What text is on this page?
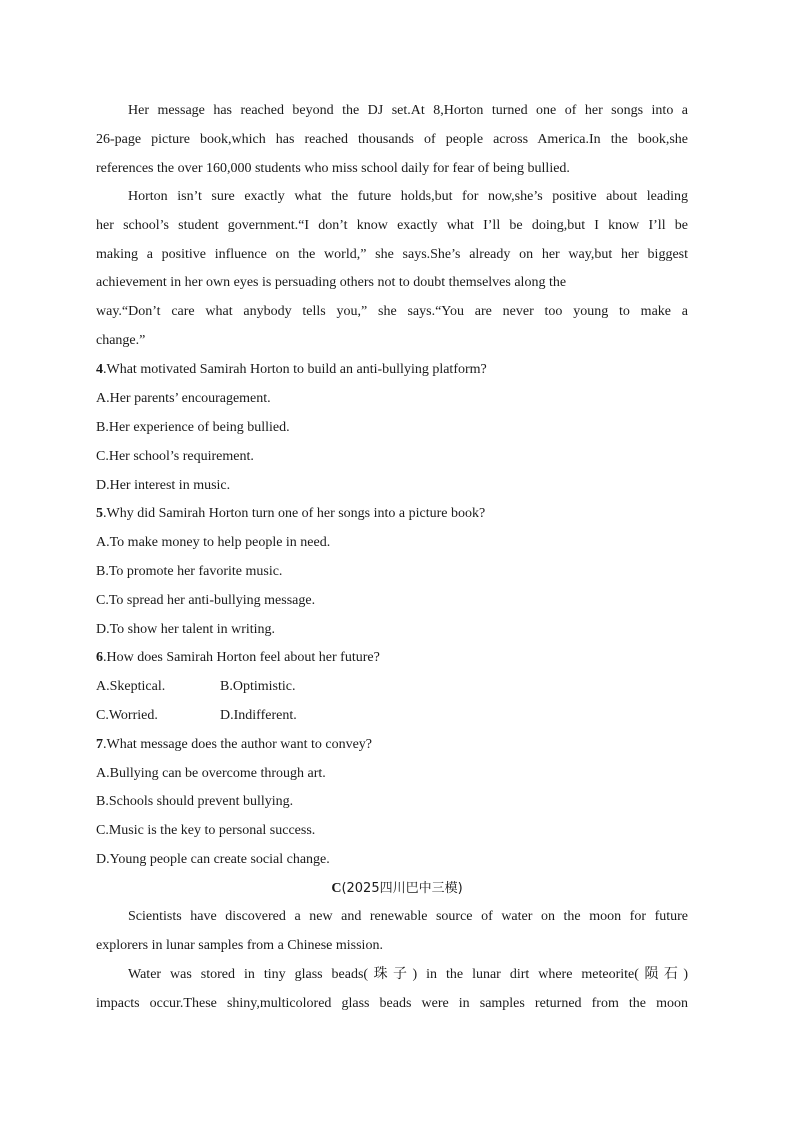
Her message has reached beyond the DJ set.At 8,Horton turned one of her songs into a
26-page picture book,which has reached thousands of people across America.In the book,she
references the over 160,000 students who miss school daily for fear of being bullied.
Horton isn’t sure exactly what the future holds,but for now,she’s positive about leading
her school’s student government.“I don’t know exactly what I’ll be doing,but I know I’ll be
making a positive influence on the world,” she says.She’s already on her way,but her biggest
achievement in her own eyes is persuading others not to doubt themselves along the
way.“Don’t care what anybody tells you,” she says.“You are never too young to make a
change.”
4.What motivated Samirah Horton to build an anti-bullying platform?
A.Her parents’ encouragement.
B.Her experience of being bullied.
C.Her school’s requirement.
D.Her interest in music.
5.Why did Samirah Horton turn one of her songs into a picture book?
A.To make money to help people in need.
B.To promote her favorite music.
C.To spread her anti-bullying message.
D.To show her talent in writing.
6.How does Samirah Horton feel about her future?
A.Skeptical.	B.Optimistic.
C.Worried.	D.Indifferent.
7.What message does the author want to convey?
A.Bullying can be overcome through art.
B.Schools should prevent bullying.
C.Music is the key to personal success.
D.Young people can create social change.
C(2025四川巴中三模)
Scientists have discovered a new and renewable source of water on the moon for future
explorers in lunar samples from a Chinese mission.
Water was stored in tiny glass beads(珠子) in the lunar dirt where meteorite(陨石)
impacts occur.These shiny,multicolored glass beads were in samples returned from the moon
